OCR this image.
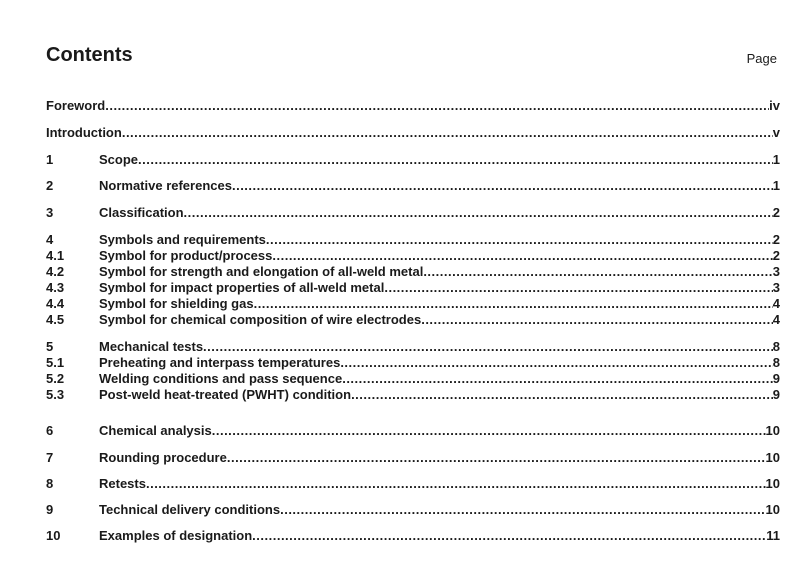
Contents	Page
Foreword .....	iv
Introduction .....	v
1	Scope .....	1
2	Normative references .....	1
3	Classification .....	2
4	Symbols and requirements .....	2
4.1	Symbol for product/process .....	2
4.2	Symbol for strength and elongation of all-weld metal .....	3
4.3	Symbol for impact properties of all-weld metal .....	3
4.4	Symbol for shielding gas .....	4
4.5	Symbol for chemical composition of wire electrodes .....	4
5	Mechanical tests .....	8
5.1	Preheating and interpass temperatures .....	8
5.2	Welding conditions and pass sequence .....	9
5.3	Post-weld heat-treated (PWHT) condition .....	9
6	Chemical analysis .....	10
7	Rounding procedure .....	10
8	Retests .....	10
9	Technical delivery conditions .....	10
10	Examples of designation .....	11
